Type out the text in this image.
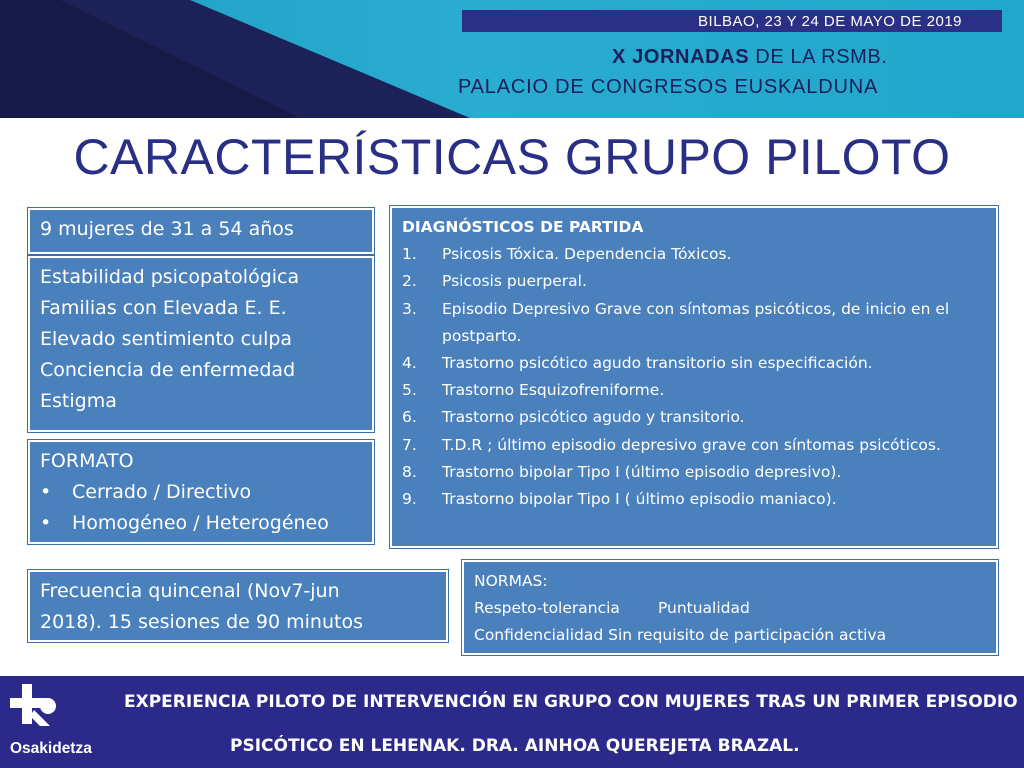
BILBAO, 23 Y 24 DE MAYO DE 2019
X JORNADAS DE LA RSMB.
PALACIO DE CONGRESOS EUSKALDUNA
CARACTERÍSTICAS GRUPO PILOTO

9 mujeres de 31 a 54 años

Estabilidad psicopatológica

Familias con Elevada E. E.

Elevado sentimiento culpa

Conciencia de enfermedad

Estigma

FORMATO

•	Cerrado / Directivo
•	Homogéneo / Heterogéneo

Frecuencia quincenal (Nov7-jun

2018). 15 sesiones de 90 minutos

DIAGNÓSTICOS DE PARTIDA

1.	Psicosis Tóxica. Dependencia Tóxicos.
2.	Psicosis puerperal.
3.	Episodio Depresivo Grave con síntomas psicóticos, de inicio en el postparto.
4.	Trastorno psicótico agudo transitorio sin especificación.
5.	Trastorno Esquizofreniforme.
6.	Trastorno psicótico agudo y transitorio.
7.	T.D.R ; último episodio depresivo grave con síntomas psicóticos.
8.	Trastorno bipolar Tipo I (último episodio depresivo).
9.	Trastorno bipolar Tipo I ( último episodio maniaco).

NORMAS:

Respeto-tolerancia Puntualidad

Confidencialidad Sin requisito de participación activa

Osakidetza
EXPERIENCIA PILOTO DE INTERVENCIÓN EN GRUPO CON MUJERES TRAS UN PRIMER EPISODIO
PSICÓTICO EN LEHENAK. DRA. AINHOA QUEREJETA BRAZAL.
